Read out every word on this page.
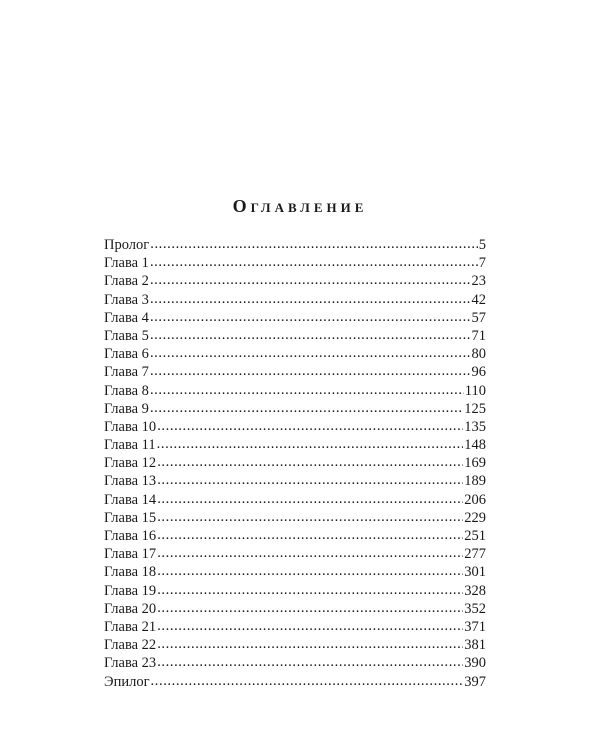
Оглавление
Пролог .....	5
Глава 1 .....	7
Глава 2 .....	23
Глава 3 .....	42
Глава 4 .....	57
Глава 5 .....	71
Глава 6 .....	80
Глава 7 .....	96
Глава 8 .....	110
Глава 9 .....	125
Глава 10 .....	135
Глава 11 .....	148
Глава 12 .....	169
Глава 13 .....	189
Глава 14 .....	206
Глава 15 .....	229
Глава 16 .....	251
Глава 17 .....	277
Глава 18 .....	301
Глава 19 .....	328
Глава 20 .....	352
Глава 21 .....	371
Глава 22 .....	381
Глава 23 .....	390
Эпилог .....	397
